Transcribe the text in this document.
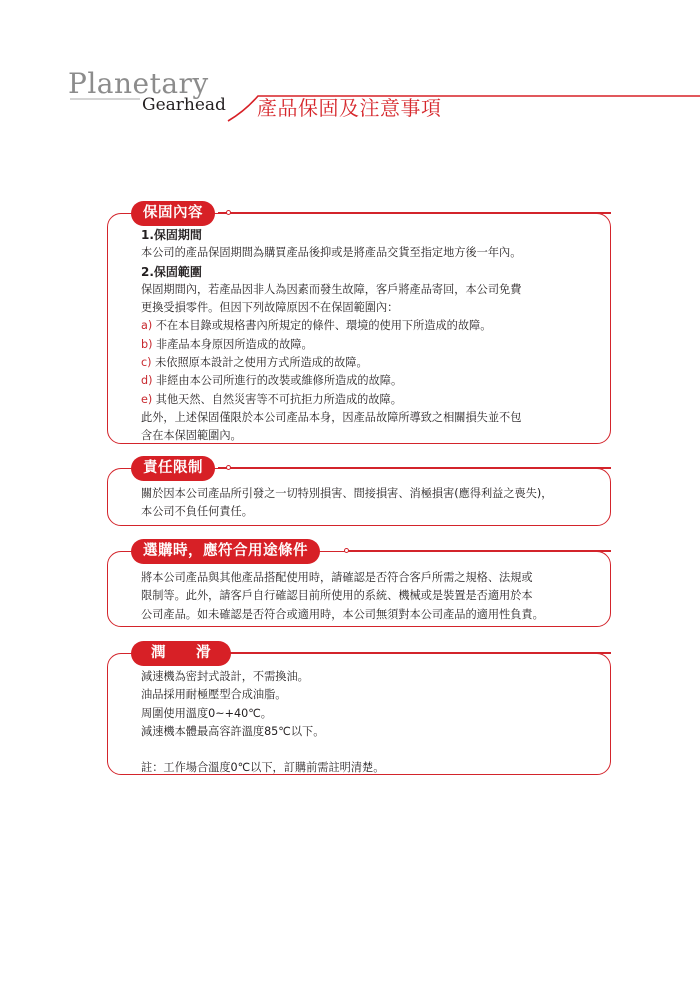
Planetary
Gearhead 產品保固及注意事項
保固內容
1.保固期間
本公司的產品保固期間為購買產品後抑或是將產品交貨至指定地方後一年內。
2.保固範圍
保固期間內，若產品因非人為因素而發生故障，客戶將產品寄回，本公司免費
更換受損零件。但因下列故障原因不在保固範圍內：
a) 不在本目錄或規格書內所規定的條件、環境的使用下所造成的故障。
b) 非產品本身原因所造成的故障。
c) 未依照原本設計之使用方式所造成的故障。
d) 非經由本公司所進行的改裝或維修所造成的故障。
e) 其他天然、自然災害等不可抗拒力所造成的故障。
此外，上述保固僅限於本公司產品本身，因產品故障所導致之相關損失並不包
含在本保固範圍內。
責任限制
關於因本公司產品所引發之一切特別損害、間接損害、消極損害(應得利益之喪失)，
本公司不負任何責任。
選購時，應符合用途條件
將本公司產品與其他產品搭配使用時，請確認是否符合客戶所需之規格、法規或
限制等。此外，請客戶自行確認目前所使用的系統、機械或是裝置是否適用於本
公司產品。如未確認是否符合或適用時，本公司無須對本公司產品的適用性負責。
潤　　滑
減速機為密封式設計，不需換油。
油品採用耐極壓型合成油脂。
周圍使用溫度0~+40℃。
減速機本體最高容許溫度85℃以下。
註：工作場合溫度0℃以下，訂購前需註明清楚。
